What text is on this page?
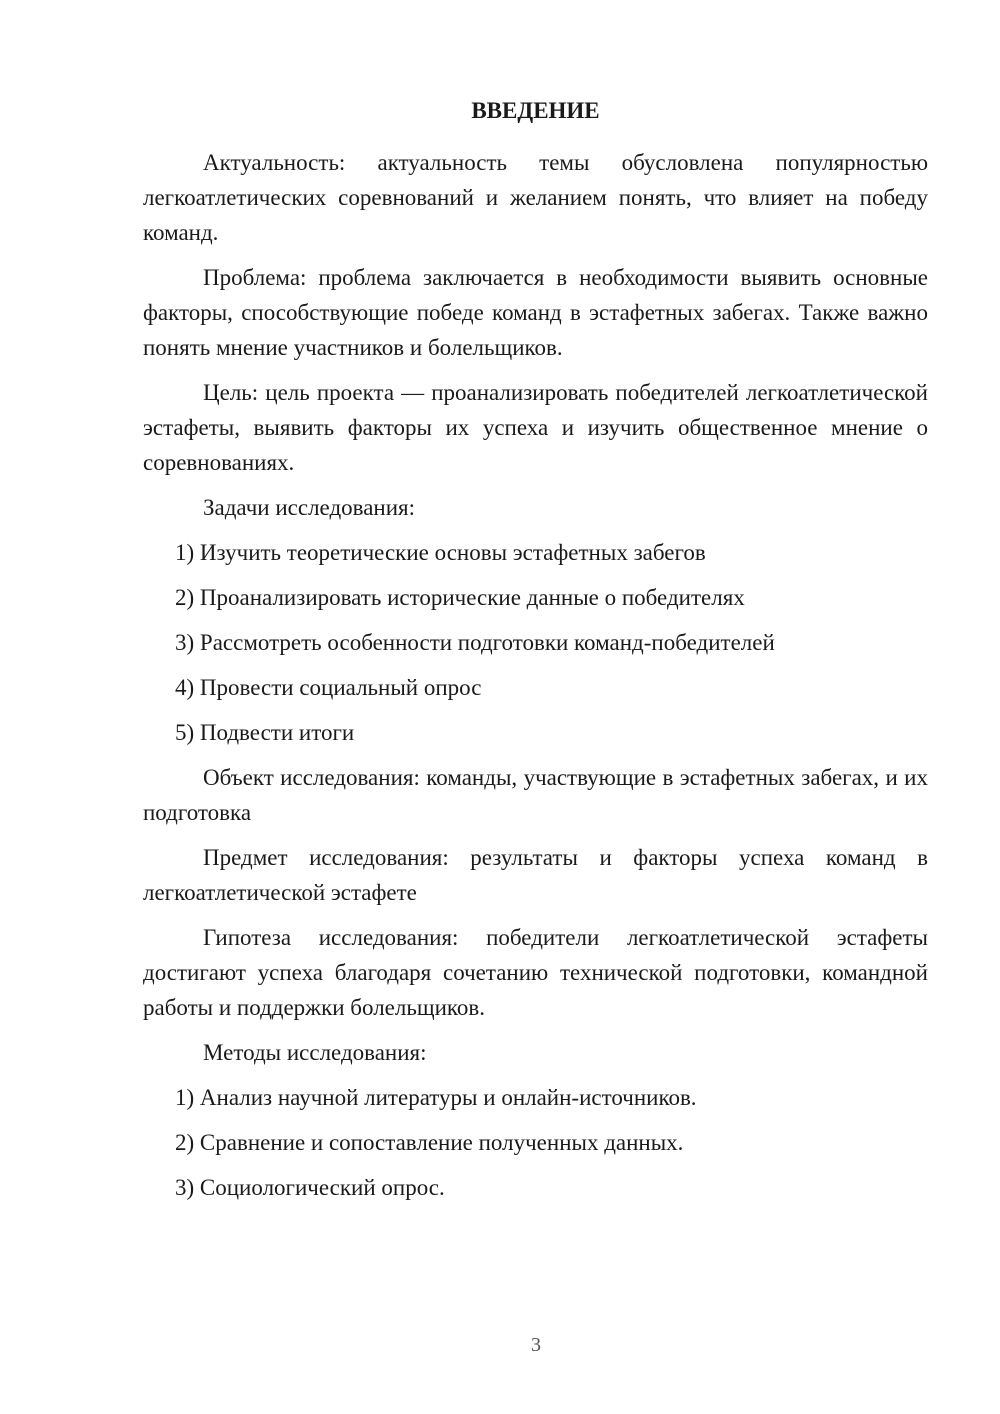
ВВЕДЕНИЕ

Актуальность: актуальность темы обусловлена популярностью легкоатлетических соревнований и желанием понять, что влияет на победу команд.

Проблема: проблема заключается в необходимости выявить основные факторы, способствующие победе команд в эстафетных забегах. Также важно понять мнение участников и болельщиков.

Цель: цель проекта — проанализировать победителей легкоатлетической эстафеты, выявить факторы их успеха и изучить общественное мнение о соревнованиях.

Задачи исследования:

1) Изучить теоретические основы эстафетных забегов
2) Проанализировать исторические данные о победителях
3) Рассмотреть особенности подготовки команд-победителей
4) Провести социальный опрос
5) Подвести итоги

Объект исследования: команды, участвующие в эстафетных забегах, и их подготовка

Предмет исследования: результаты и факторы успеха команд в легкоатлетической эстафете

Гипотеза исследования: победители легкоатлетической эстафеты достигают успеха благодаря сочетанию технической подготовки, командной работы и поддержки болельщиков.

Методы исследования:

1) Анализ научной литературы и онлайн-источников.
2) Сравнение и сопоставление полученных данных.
3) Социологический опрос.
3
